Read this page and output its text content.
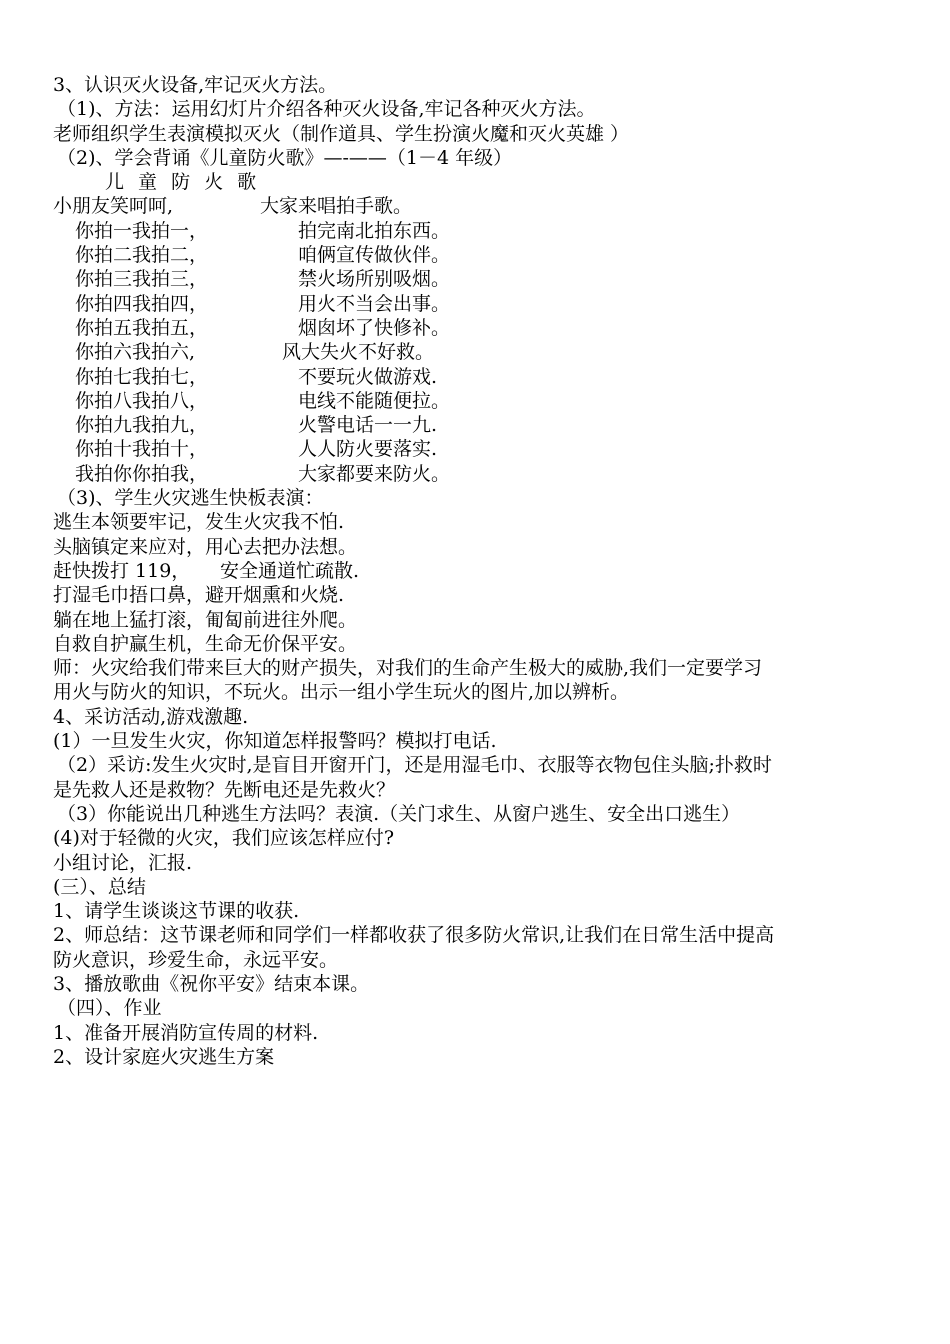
3、认识灭火设备,牢记灭火方法。
（1)、方法：运用幻灯片介绍各种灭火设备,牢记各种灭火方法。
老师组织学生表演模拟灭火（制作道具、学生扮演火魔和灭火英雄 ）
（2)、学会背诵《儿童防火歌》—-——（1－4 年级）
儿 童 防 火 歌
小朋友笑呵呵,	大家来唱拍手歌。
你拍一我拍一，	拍完南北拍东西。
你拍二我拍二，	咱俩宣传做伙伴。
你拍三我拍三，	禁火场所别吸烟。
你拍四我拍四，	用火不当会出事。
你拍五我拍五，	烟囱坏了快修补。
你拍六我拍六,	风大失火不好救。
你拍七我拍七，	不要玩火做游戏.
你拍八我拍八，	电线不能随便拉。
你拍九我拍九，	火警电话一一九.
你拍十我拍十，	人人防火要落实.
我拍你你拍我，	大家都要来防火。
（3)、学生火灾逃生快板表演：
逃生本领要牢记，发生火灾我不怕.
头脑镇定来应对，用心去把办法想。
赶快拨打 119， 安全通道忙疏散.
打湿毛巾捂口鼻，避开烟熏和火烧.
躺在地上猛打滚，匍匐前进往外爬。
自救自护赢生机，生命无价保平安。
师：火灾给我们带来巨大的财产损失，对我们的生命产生极大的威胁,我们一定要学习
用火与防火的知识，不玩火。出示一组小学生玩火的图片,加以辨析。
4、采访活动,游戏激趣.
(1）一旦发生火灾，你知道怎样报警吗？模拟打电话.
（2）采访:发生火灾时,是盲目开窗开门，还是用湿毛巾、衣服等衣物包住头脑;扑救时
是先救人还是救物？先断电还是先救火？
（3）你能说出几种逃生方法吗？表演.（关门求生、从窗户逃生、安全出口逃生）
(4)对于轻微的火灾，我们应该怎样应付?
小组讨论，汇报.
(三）、总结
1、请学生谈谈这节课的收获.
2、师总结：这节课老师和同学们一样都收获了很多防火常识,让我们在日常生活中提高
防火意识，珍爱生命，永远平安。
3、播放歌曲《祝你平安》结束本课。
（四）、作业
1、准备开展消防宣传周的材料.
2、设计家庭火灾逃生方案
